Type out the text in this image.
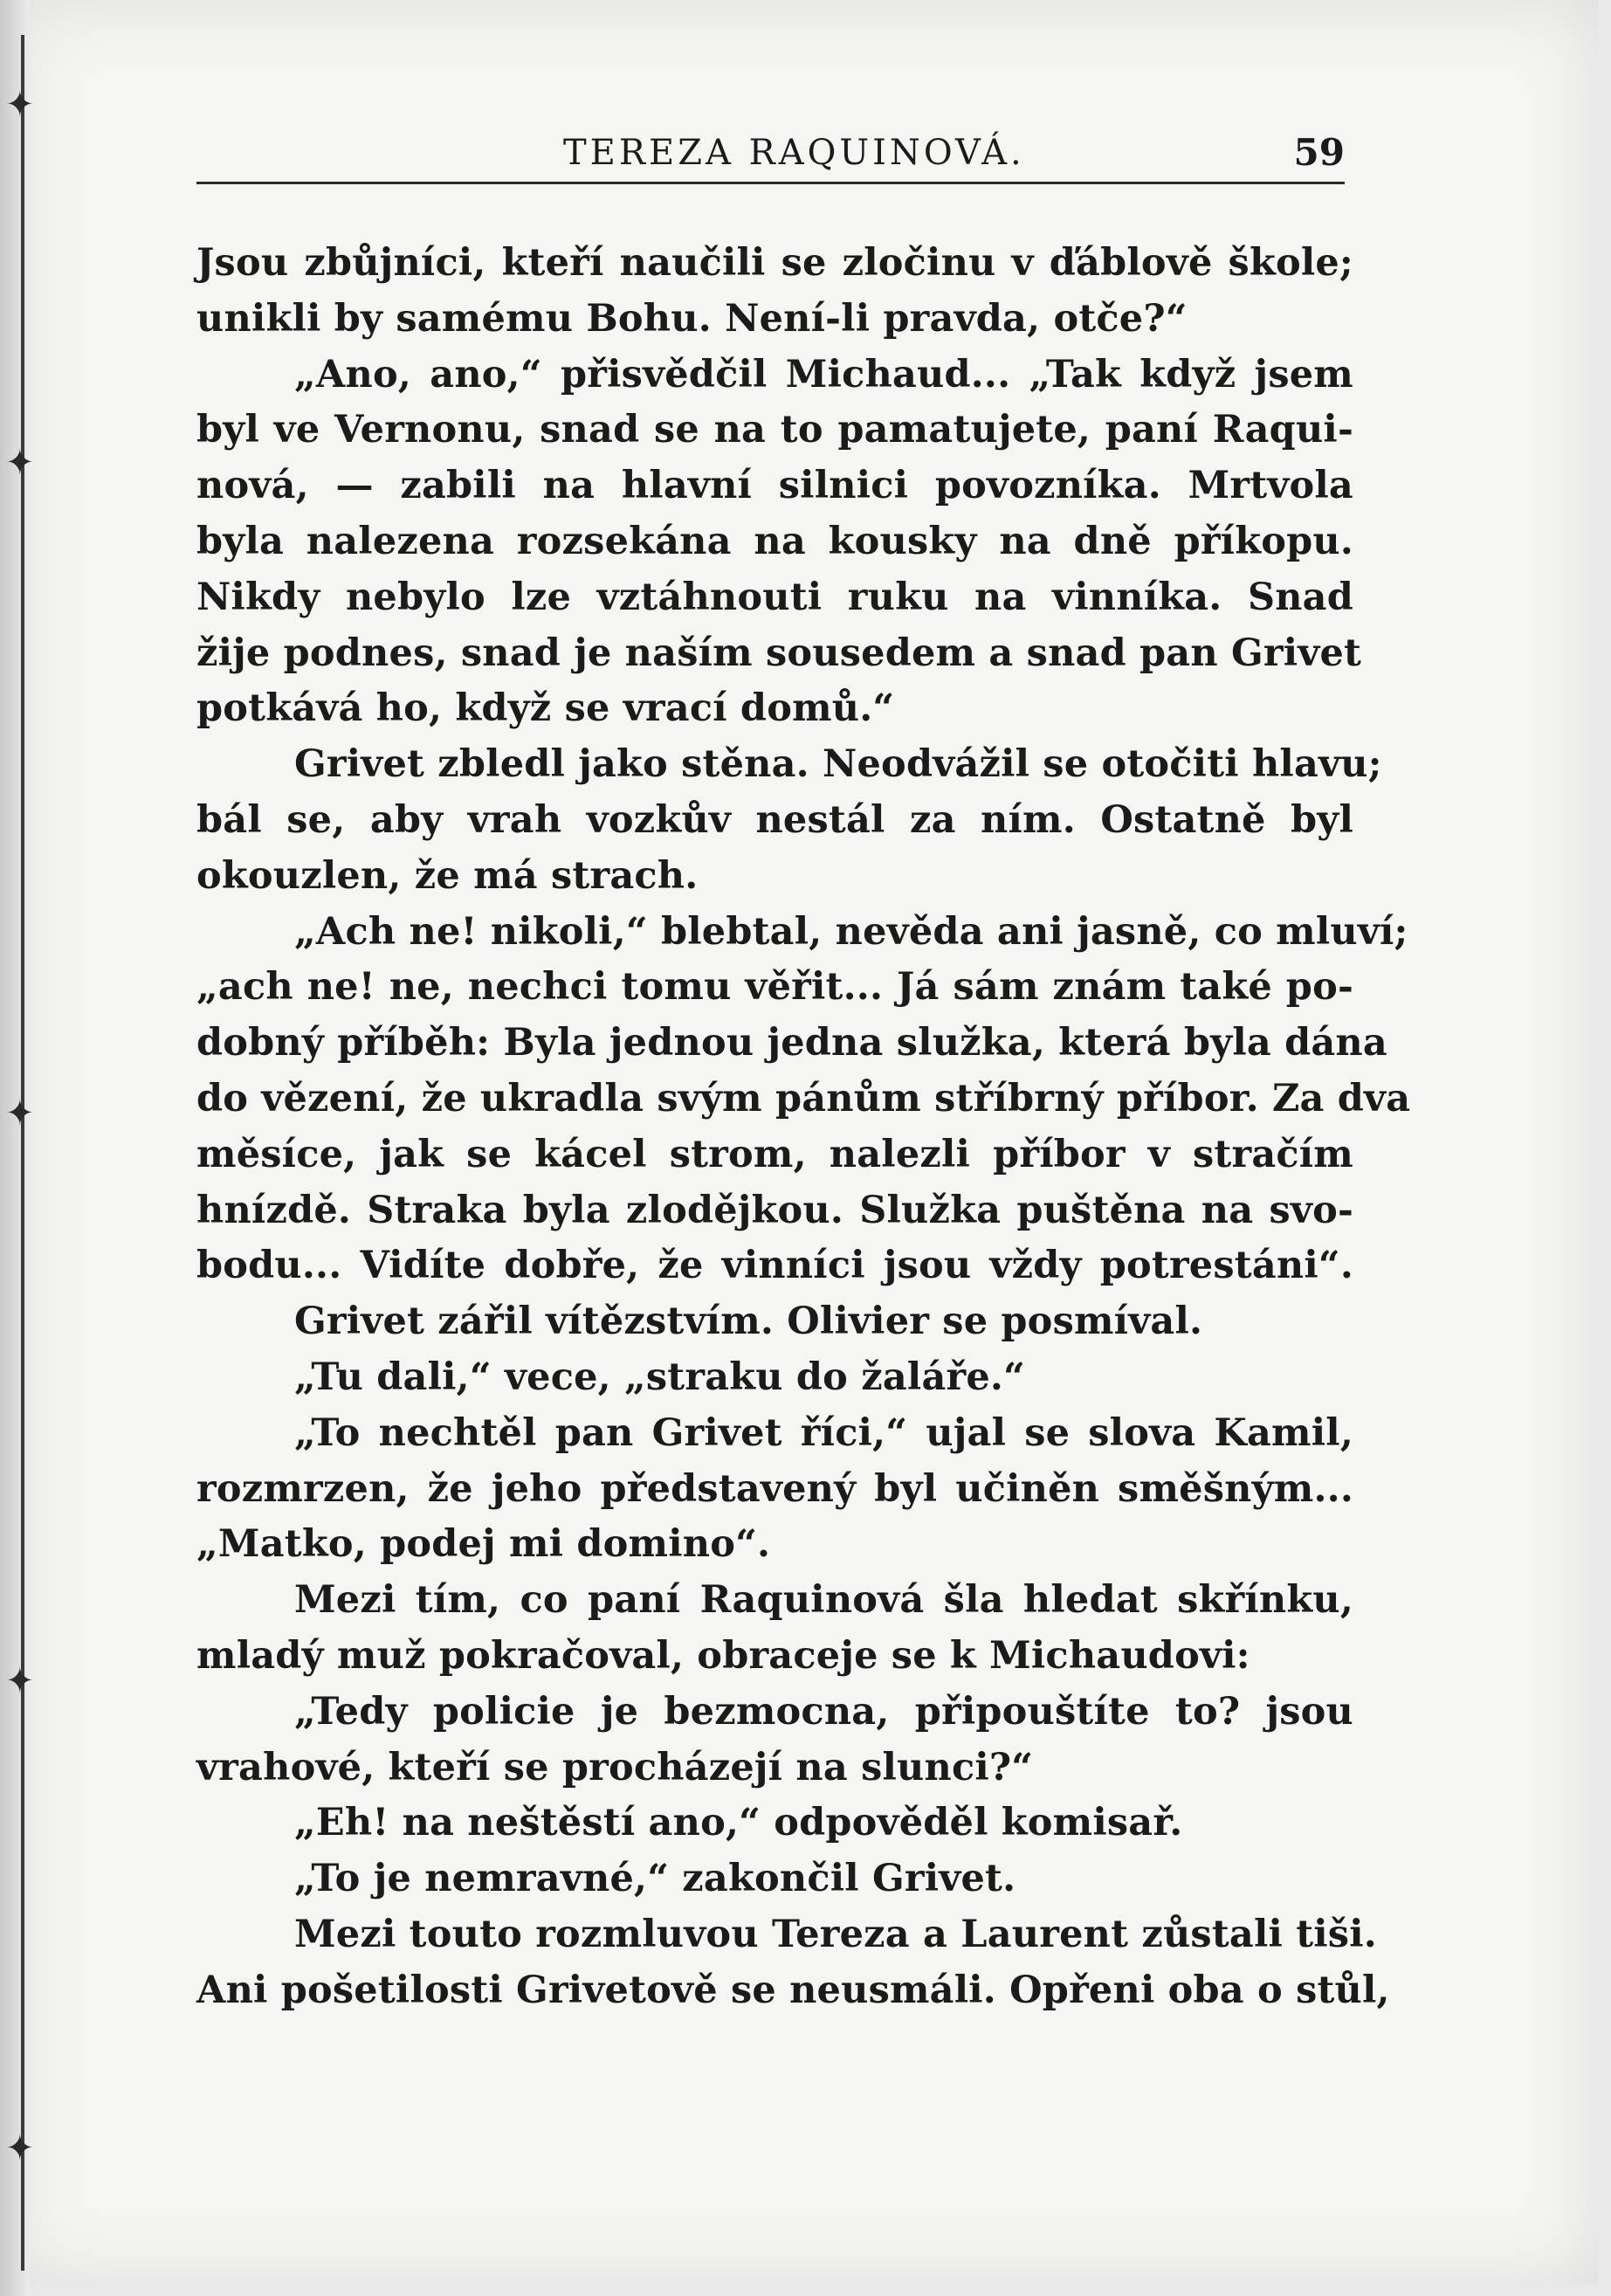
✦
✦
✦
✦
✦
TEREZA RAQUINOVÁ.	59
Jsou zbůjníci, kteří naučili se zločinu v ďáblově škole;
unikli by samému Bohu. Není-li pravda, otče?“
„Ano, ano,“ přisvědčil Michaud... „Tak když jsem
byl ve Vernonu, snad se na to pamatujete, paní Raqui-
nová, — zabili na hlavní silnici povozníka. Mrtvola
byla nalezena rozsekána na kousky na dně příkopu.
Nikdy nebylo lze vztáhnouti ruku na vinníka. Snad
žije podnes, snad je naším sousedem a snad pan Grivet
potkává ho, když se vrací domů.“
Grivet zbledl jako stěna. Neodvážil se otočiti hlavu;
bál se, aby vrah vozkův nestál za ním. Ostatně byl
okouzlen, že má strach.
„Ach ne! nikoli,“ blebtal, nevěda ani jasně, co mluví;
„ach ne! ne, nechci tomu věřit... Já sám znám také po-
dobný příběh: Byla jednou jedna služka, která byla dána
do vězení, že ukradla svým pánům stříbrný příbor. Za dva
měsíce, jak se kácel strom, nalezli příbor v stračím
hnízdě. Straka byla zlodějkou. Služka puštěna na svo-
bodu... Vidíte dobře, že vinníci jsou vždy potrestáni“.
Grivet zářil vítězstvím. Olivier se posmíval.
„Tu dali,“ vece, „straku do žaláře.“
„To nechtěl pan Grivet říci,“ ujal se slova Kamil,
rozmrzen, že jeho představený byl učiněn směšným...
„Matko, podej mi domino“.
Mezi tím, co paní Raquinová šla hledat skřínku,
mladý muž pokračoval, obraceje se k Michaudovi:
„Tedy policie je bezmocna, připouštíte to? jsou
vrahové, kteří se procházejí na slunci?“
„Eh! na neštěstí ano,“ odpověděl komisař.
„To je nemravné,“ zakončil Grivet.
Mezi touto rozmluvou Tereza a Laurent zůstali tiši.
Ani pošetilosti Grivetově se neusmáli. Opřeni oba o stůl,
